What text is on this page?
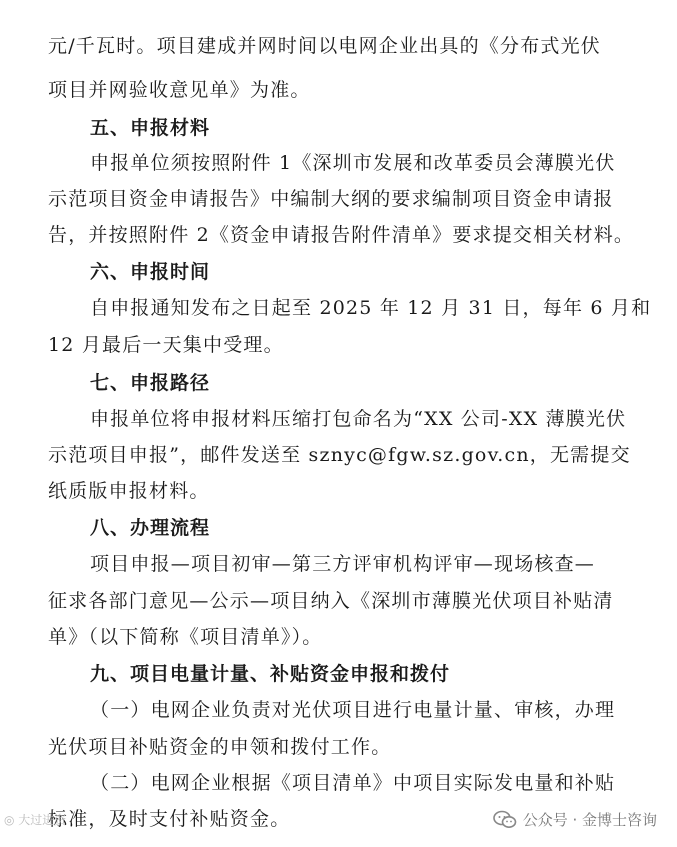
元/千瓦时。项目建成并网时间以电网企业出具的《分布式光伏
项目并网验收意见单》为准。
五、申报材料
申报单位须按照附件 1《深圳市发展和改革委员会薄膜光伏
示范项目资金申请报告》中编制大纲的要求编制项目资金申请报
告，并按照附件 2《资金申请报告附件清单》要求提交相关材料。
六、申报时间
自申报通知发布之日起至 2025 年 12 月 31 日，每年 6 月和
12 月最后一天集中受理。
七、申报路径
申报单位将申报材料压缩打包命名为“XX 公司-XX 薄膜光伏
示范项目申报”，邮件发送至 sznyc@fgw.sz.gov.cn，无需提交
纸质版申报材料。
八、办理流程
项目申报—项目初审—第三方评审机构评审—现场核查—
征求各部门意见—公示—项目纳入《深圳市薄膜光伏项目补贴清
单》（以下简称《项目清单》）。
九、项目电量计量、补贴资金申报和拨付
（一）电网企业负责对光伏项目进行电量计量、审核，办理
光伏项目补贴资金的申领和拨付工作。
（二）电网企业根据《项目清单》中项目实际发电量和补贴
标准，及时支付补贴资金。
◎ 大过进资	公众号 · 金博士咨询
